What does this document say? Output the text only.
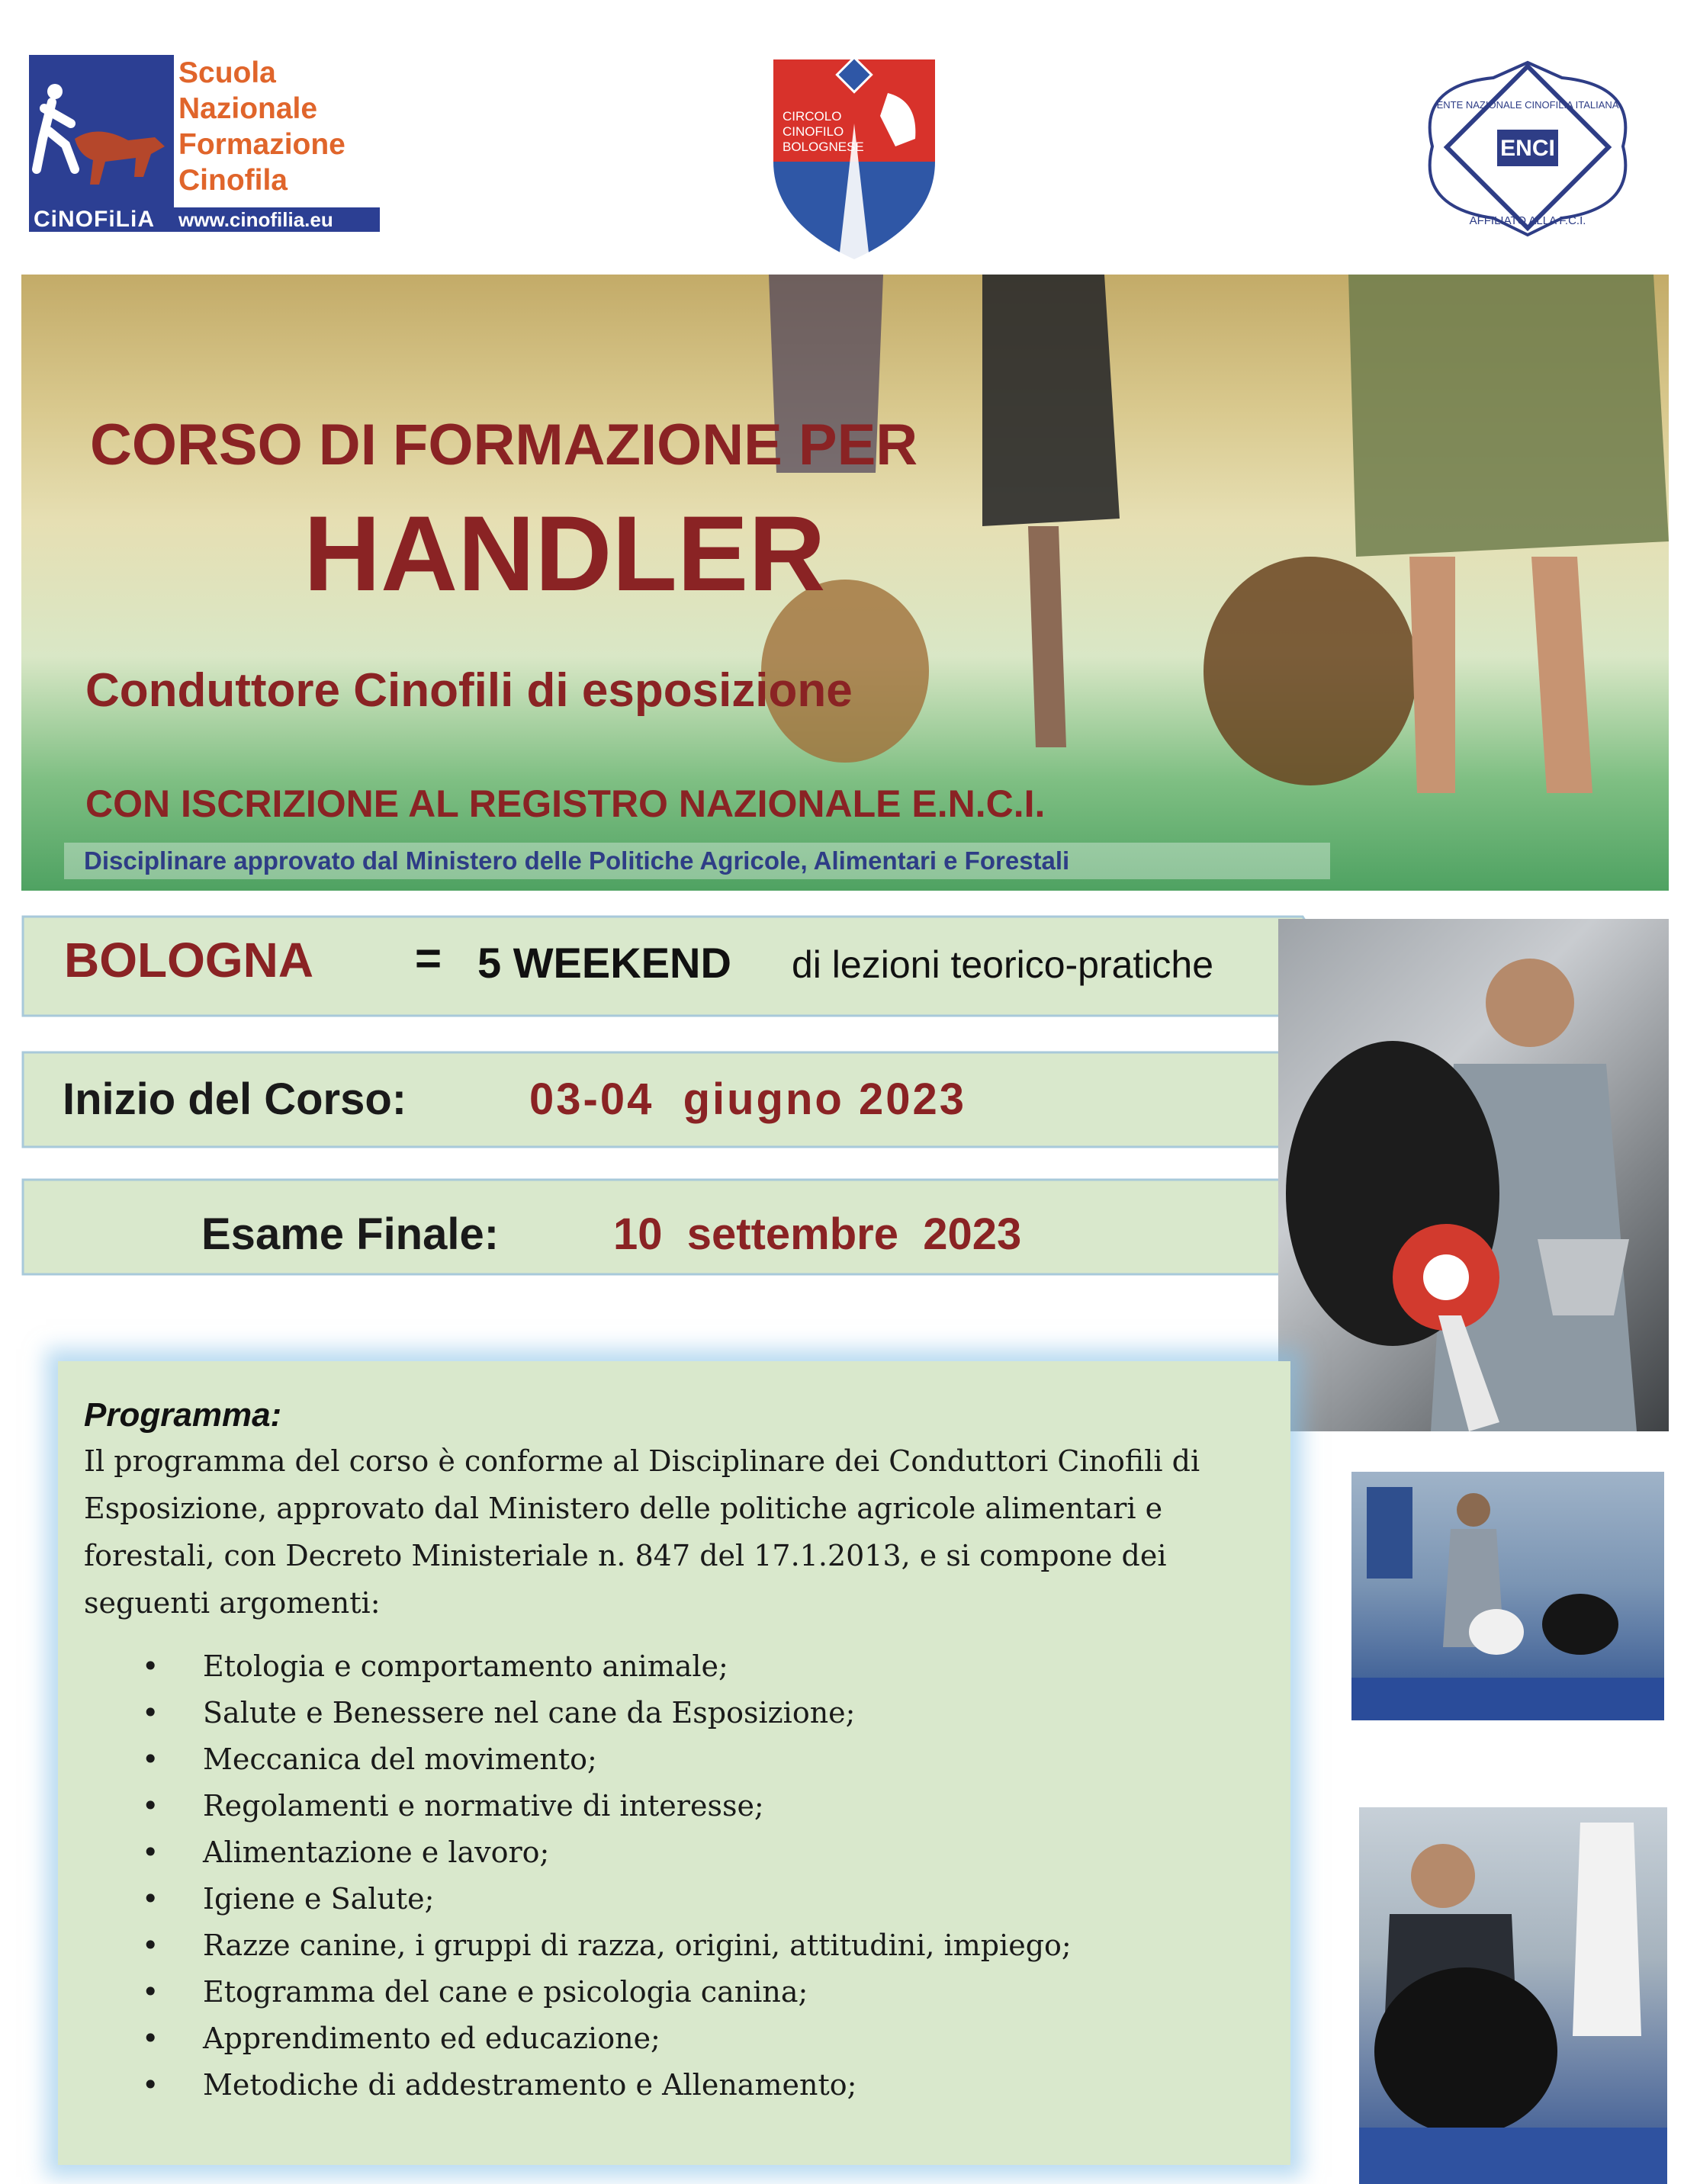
Scuola
Nazionale
Formazione
Cinofila
CiNOFiLiA www.cinofilia.eu
CIRCOLO
CINOFILO
BOLOGNESE	ENCI
ENTE NAZIONALE CINOFILIA ITALIANA
AFFILIATO ALLA F.C.I.
CORSO DI FORMAZIONE PER
HANDLER
Conduttore Cinofili di esposizione
CON ISCRIZIONE AL REGISTRO NAZIONALE E.N.C.I.
Disciplinare approvato dal Ministero delle Politiche Agricole, Alimentari e Forestali
BOLOGNA = 5 WEEKEND di lezioni teorico-pratiche
Inizio del Corso:	03-04  giugno 2023
Esame Finale:	10  settembre  2023
Programma:
Il programma del corso è conforme al Disciplinare dei Conduttori Cinofili di Esposizione, approvato dal Ministero delle politiche agricole alimentari e forestali, con Decreto Ministeriale n. 847 del 17.1.2013, e si compone dei seguenti argomenti:
• Etologia e comportamento animale;
• Salute e Benessere nel cane da Esposizione;
• Meccanica del movimento;
• Regolamenti e normative di interesse;
• Alimentazione e lavoro;
• Igiene e Salute;
• Razze canine, i gruppi di razza, origini, attitudini, impiego;
• Etogramma del cane e psicologia canina;
• Apprendimento ed educazione;
• Metodiche di addestramento e Allenamento;
